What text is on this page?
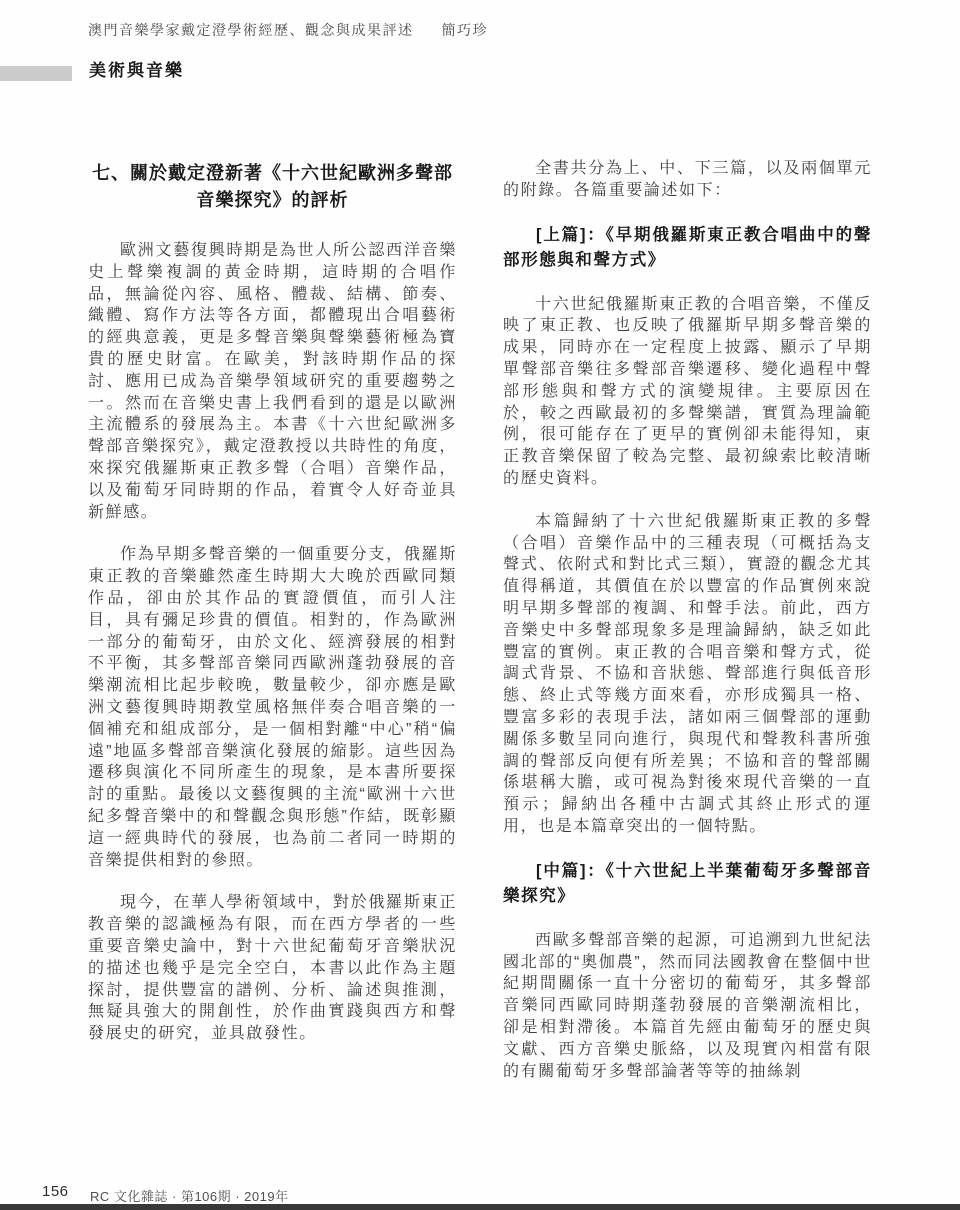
澳門音樂學家戴定澄學術經歷、觀念與成果評述 簡巧珍
美術與音樂
七、關於戴定澄新著《十六世紀歐洲多聲部音樂探究》的評析

歐洲文藝復興時期是為世人所公認西洋音樂史上聲樂複調的黃金時期，這時期的合唱作品，無論從內容、風格、體裁、結構、節奏、織體、寫作方法等各方面，都體現出合唱藝術的經典意義，更是多聲音樂與聲樂藝術極為寶貴的歷史財富。在歐美，對該時期作品的探討、應用已成為音樂學領域研究的重要趨勢之一。然而在音樂史書上我們看到的還是以歐洲主流體系的發展為主。本書《十六世紀歐洲多聲部音樂探究》，戴定澄教授以共時性的角度，來探究俄羅斯東正教多聲（合唱）音樂作品，以及葡萄牙同時期的作品，着實令人好奇並具新鮮感。

作為早期多聲音樂的一個重要分支，俄羅斯東正教的音樂雖然產生時期大大晚於西歐同類作品，卻由於其作品的實證價值，而引人注目，具有彌足珍貴的價值。相對的，作為歐洲一部分的葡萄牙，由於文化、經濟發展的相對不平衡，其多聲部音樂同西歐洲蓬勃發展的音樂潮流相比起步較晚，數量較少，卻亦應是歐洲文藝復興時期教堂風格無伴奏合唱音樂的一個補充和組成部分，是一個相對離“中心”稍“偏遠”地區多聲部音樂演化發展的縮影。這些因為遷移與演化不同所產生的現象，是本書所要探討的重點。最後以文藝復興的主流“歐洲十六世紀多聲音樂中的和聲觀念與形態”作結，既彰顯這一經典時代的發展，也為前二者同一時期的音樂提供相對的參照。

現今，在華人學術領域中，對於俄羅斯東正教音樂的認識極為有限，而在西方學者的一些重要音樂史論中，對十六世紀葡萄牙音樂狀況的描述也幾乎是完全空白，本書以此作為主題探討，提供豐富的譜例、分析、論述與推測，無疑具強大的開創性，於作曲實踐與西方和聲發展史的研究，並具啟發性。

全書共分為上、中、下三篇，以及兩個單元的附錄。各篇重要論述如下：

[上篇]：《早期俄羅斯東正教合唱曲中的聲部形態與和聲方式》

十六世紀俄羅斯東正教的合唱音樂，不僅反映了東正教、也反映了俄羅斯早期多聲音樂的成果，同時亦在一定程度上披露、顯示了早期單聲部音樂往多聲部音樂遷移、變化過程中聲部形態與和聲方式的演變規律。主要原因在於，較之西歐最初的多聲樂譜，實質為理論範例，很可能存在了更早的實例卻未能得知，東正教音樂保留了較為完整、最初線索比較清晰的歷史資料。

本篇歸納了十六世紀俄羅斯東正教的多聲（合唱）音樂作品中的三種表現（可概括為支聲式、依附式和對比式三類），實證的觀念尤其值得稱道，其價值在於以豐富的作品實例來說明早期多聲部的複調、和聲手法。前此，西方音樂史中多聲部現象多是理論歸納，缺乏如此豐富的實例。東正教的合唱音樂和聲方式，從調式背景、不協和音狀態、聲部進行與低音形態、終止式等幾方面來看，亦形成獨具一格、豐富多彩的表現手法，諸如兩三個聲部的運動關係多數呈同向進行，與現代和聲教科書所強調的聲部反向便有所差異；不協和音的聲部關係堪稱大膽，或可視為對後來現代音樂的一直預示；歸納出各種中古調式其終止形式的運用，也是本篇章突出的一個特點。

[中篇]：《十六世紀上半葉葡萄牙多聲部音樂探究》

西歐多聲部音樂的起源，可追溯到九世紀法國北部的“奧伽農”，然而同法國教會在整個中世紀期間關係一直十分密切的葡萄牙，其多聲部音樂同西歐同時期蓬勃發展的音樂潮流相比，卻是相對滯後。本篇首先經由葡萄牙的歷史與文獻、西方音樂史脈絡，以及現實內相當有限的有關葡萄牙多聲部論著等等的抽絲剝

156 RC 文化雜誌 · 第106期 · 2019年
